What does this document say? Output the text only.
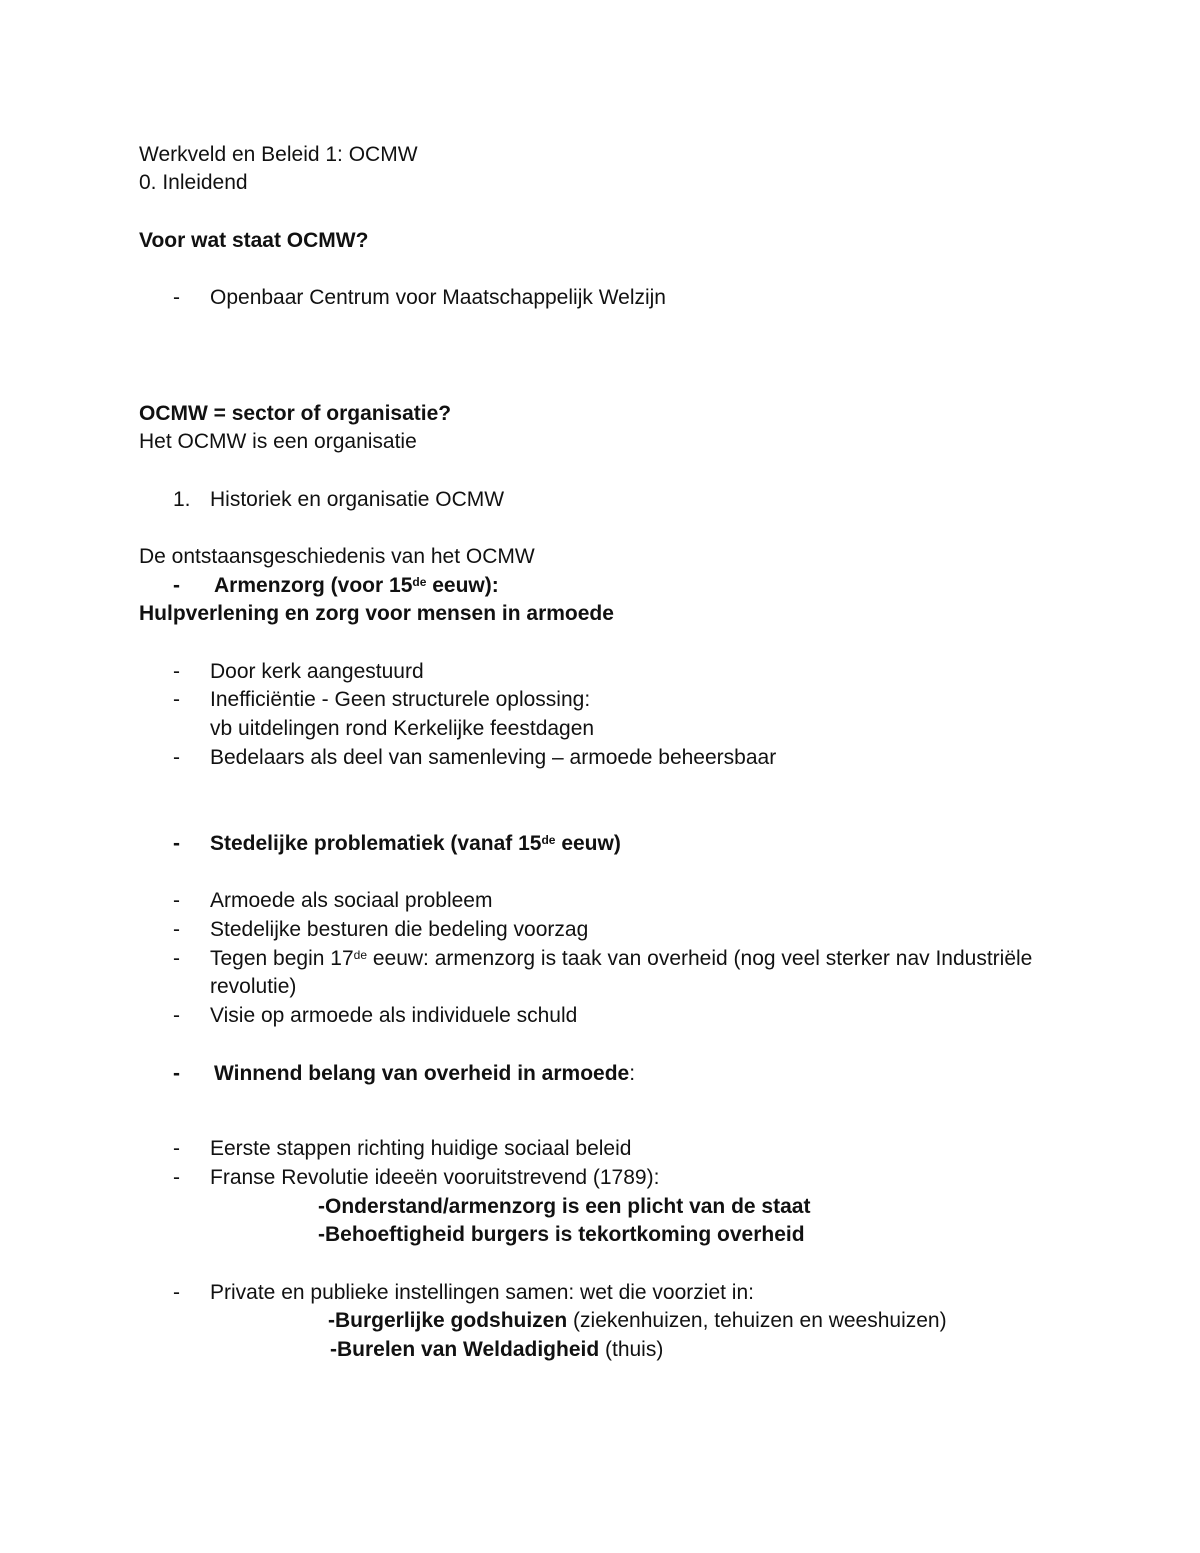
Werkveld en Beleid 1: OCMW
0. Inleidend
Voor wat staat OCMW?
-	Openbaar Centrum voor Maatschappelijk Welzijn
OCMW = sector of organisatie?
Het OCMW is een organisatie
1. Historiek en organisatie OCMW
De ontstaansgeschiedenis van het OCMW
-	Armenzorg (voor 15de eeuw):
Hulpverlening en zorg voor mensen in armoede
-	Door kerk aangestuurd
-	Inefficiëntie - Geen structurele oplossing:
vb uitdelingen rond Kerkelijke feestdagen
-	Bedelaars als deel van samenleving – armoede beheersbaar
-	Stedelijke problematiek (vanaf 15de eeuw)
-	Armoede als sociaal probleem
-	Stedelijke besturen die bedeling voorzag
-	Tegen begin 17de eeuw: armenzorg is taak van overheid (nog veel sterker nav Industriële
revolutie)
-	Visie op armoede als individuele schuld
-	Winnend belang van overheid in armoede:
-	Eerste stappen richting huidige sociaal beleid
-	Franse Revolutie ideeën vooruitstrevend (1789):
-Onderstand/armenzorg is een plicht van de staat
-Behoeftigheid burgers is tekortkoming overheid
-	Private en publieke instellingen samen: wet die voorziet in:
-Burgerlijke godshuizen (ziekenhuizen, tehuizen en weeshuizen)
-Burelen van Weldadigheid (thuis)
